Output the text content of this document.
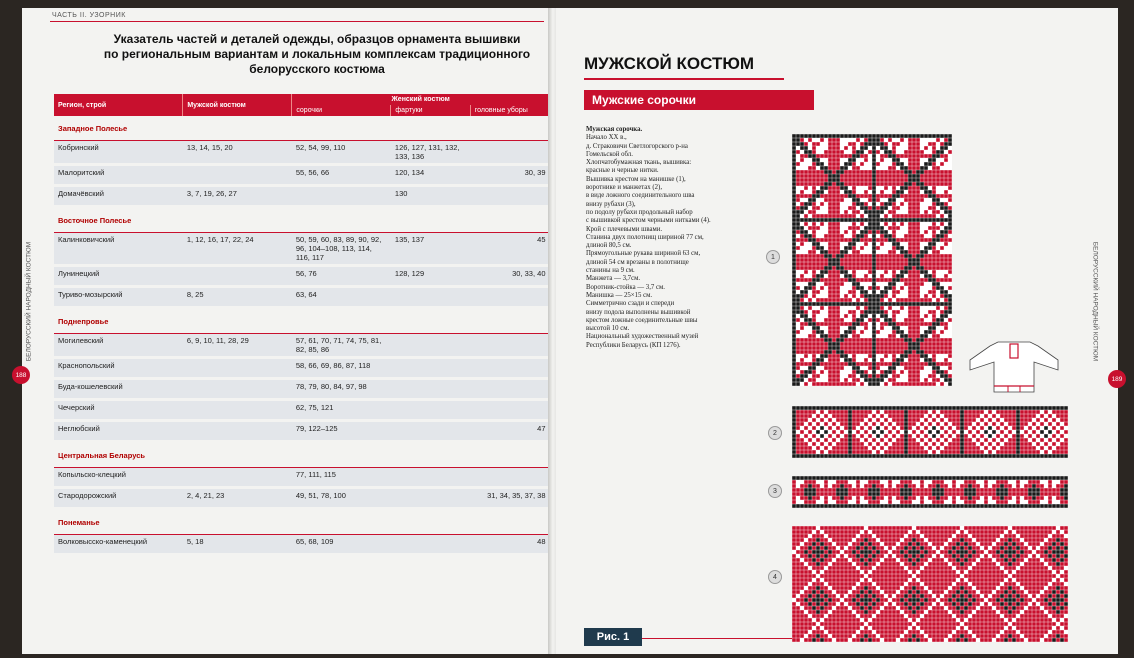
ЧАСТЬ II. УЗОРНИК
Указатель частей и деталей одежды, образцов орнамента вышивки
по региональным вариантам и локальным комплексам традиционного белорусского костюма
БЕЛОРУССКИЙ НАРОДНЫЙ КОСТЮМ
188
Регион, строй	Мужской костюм	Женский костюм		
		сорочки	фартуки	головные уборы
Западное Полесье				
Кобринский	13, 14, 15, 20	52, 54, 99, 110	126, 127, 131, 132, 133, 136	
Малоритский		55, 56, 66	120, 134	30, 39
Домачёвский	3, 7, 19, 26, 27		130	
Восточное Полесье				
Калинковичский	1, 12, 16, 17, 22, 24	50, 59, 60, 83, 89, 90, 92, 96, 104–108, 113, 114, 116, 117	135, 137	45
Лунинецкий		56, 76	128, 129	30, 33, 40
Туриво-мозырский	8, 25	63, 64		
Поднепровье				
Могилевский	6, 9, 10, 11, 28, 29	57, 61, 70, 71, 74, 75, 81, 82, 85, 86		
Краснопольский		58, 66, 69, 86, 87, 118		
Буда-кошелевский		78, 79, 80, 84, 97, 98		
Чечерский		62, 75, 121		
Неглюбский		79, 122–125		47
Центральная Беларусь				
Копыльско-клецкий		77, 111, 115		
Стародорожский	2, 4, 21, 23	49, 51, 78, 100		31, 34, 35, 37, 38
Понеманье				
Волковысско-каменецкий	5, 18	65, 68, 109		48
МУЖСКОЙ КОСТЮМ
Мужские сорочки
Мужская сорочка.
Начало XX в.,
д. Страковичи Светлогорского р-на
Гомельской обл.
Хлопчатобумажная ткань, вышивка:
красные и черные нитки.
Вышивка крестом на манишке (1),
воротнике и манжетах (2),
в виде ложного соединительного шва
внизу рубахи (3),
по подолу рубахи продольный набор
с вышивкой крестом черными нитками (4).
Крой с плечевыми швами.
Станина двух полотнищ шириной 77 см,
длиной 80,5 см.
Прямоугольные рукава шириной 63 см,
длиной 54 см врезаны в полотнище
станины на 9 см.
Манжета — 3,7см.
Воротник-стойка — 3,7 см.
Манишка — 25×15 см.
Симметрично сзади и спереди
внизу подола выполнены вышивкой
крестом ложные соединительные швы
высотой 10 см.
Национальный художественный музей
Республики Беларусь (КП 1276).	БЕЛОРУССКИЙ НАРОДНЫЙ КОСТЮМ
189
1
2
3
4
Рис. 1
